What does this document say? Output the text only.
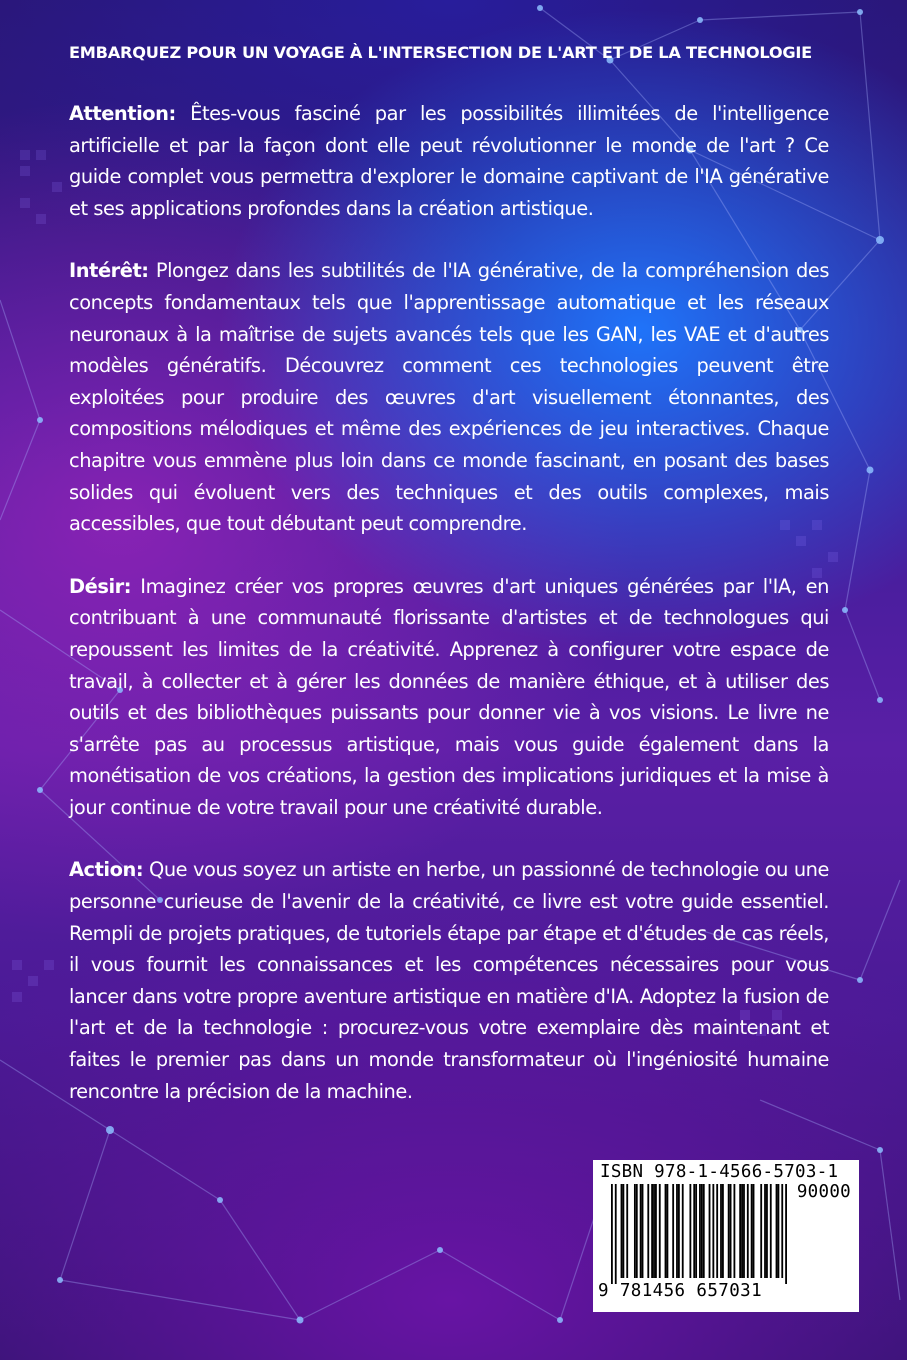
EMBARQUEZ POUR UN VOYAGE À L'INTERSECTION DE L'ART ET DE LA TECHNOLOGIE

Attention: Êtes-vous fasciné par les possibilités illimitées de l'intelligence artificielle et par la façon dont elle peut révolutionner le monde de l'art ? Ce guide complet vous permettra d'explorer le domaine captivant de l'IA générative et ses applications profondes dans la création artistique.

Intérêt: Plongez dans les subtilités de l'IA générative, de la compréhension des concepts fondamentaux tels que l'apprentissage automatique et les réseaux neuronaux à la maîtrise de sujets avancés tels que les GAN, les VAE et d'autres modèles génératifs. Découvrez comment ces technologies peuvent être exploitées pour produire des œuvres d'art visuellement étonnantes, des compositions mélodiques et même des expériences de jeu interactives. Chaque chapitre vous emmène plus loin dans ce monde fascinant, en posant des bases solides qui évoluent vers des techniques et des outils complexes, mais accessibles, que tout débutant peut comprendre.

Désir: Imaginez créer vos propres œuvres d'art uniques générées par l'IA, en contribuant à une communauté florissante d'artistes et de technologues qui repoussent les limites de la créativité. Apprenez à configurer votre espace de travail, à collecter et à gérer les données de manière éthique, et à utiliser des outils et des bibliothèques puissants pour donner vie à vos visions. Le livre ne s'arrête pas au processus artistique, mais vous guide également dans la monétisation de vos créations, la gestion des implications juridiques et la mise à jour continue de votre travail pour une créativité durable.

Action: Que vous soyez un artiste en herbe, un passionné de technologie ou une personne curieuse de l'avenir de la créativité, ce livre est votre guide essentiel. Rempli de projets pratiques, de tutoriels étape par étape et d'études de cas réels, il vous fournit les connaissances et les compétences nécessaires pour vous lancer dans votre propre aventure artistique en matière d'IA. Adoptez la fusion de l'art et de la technologie : procurez-vous votre exemplaire dès maintenant et faites le premier pas dans un monde transformateur où l'ingéniosité humaine rencontre la précision de la machine.

ISBN 978-1-4566-5703-1
90000
9 781456 657031
